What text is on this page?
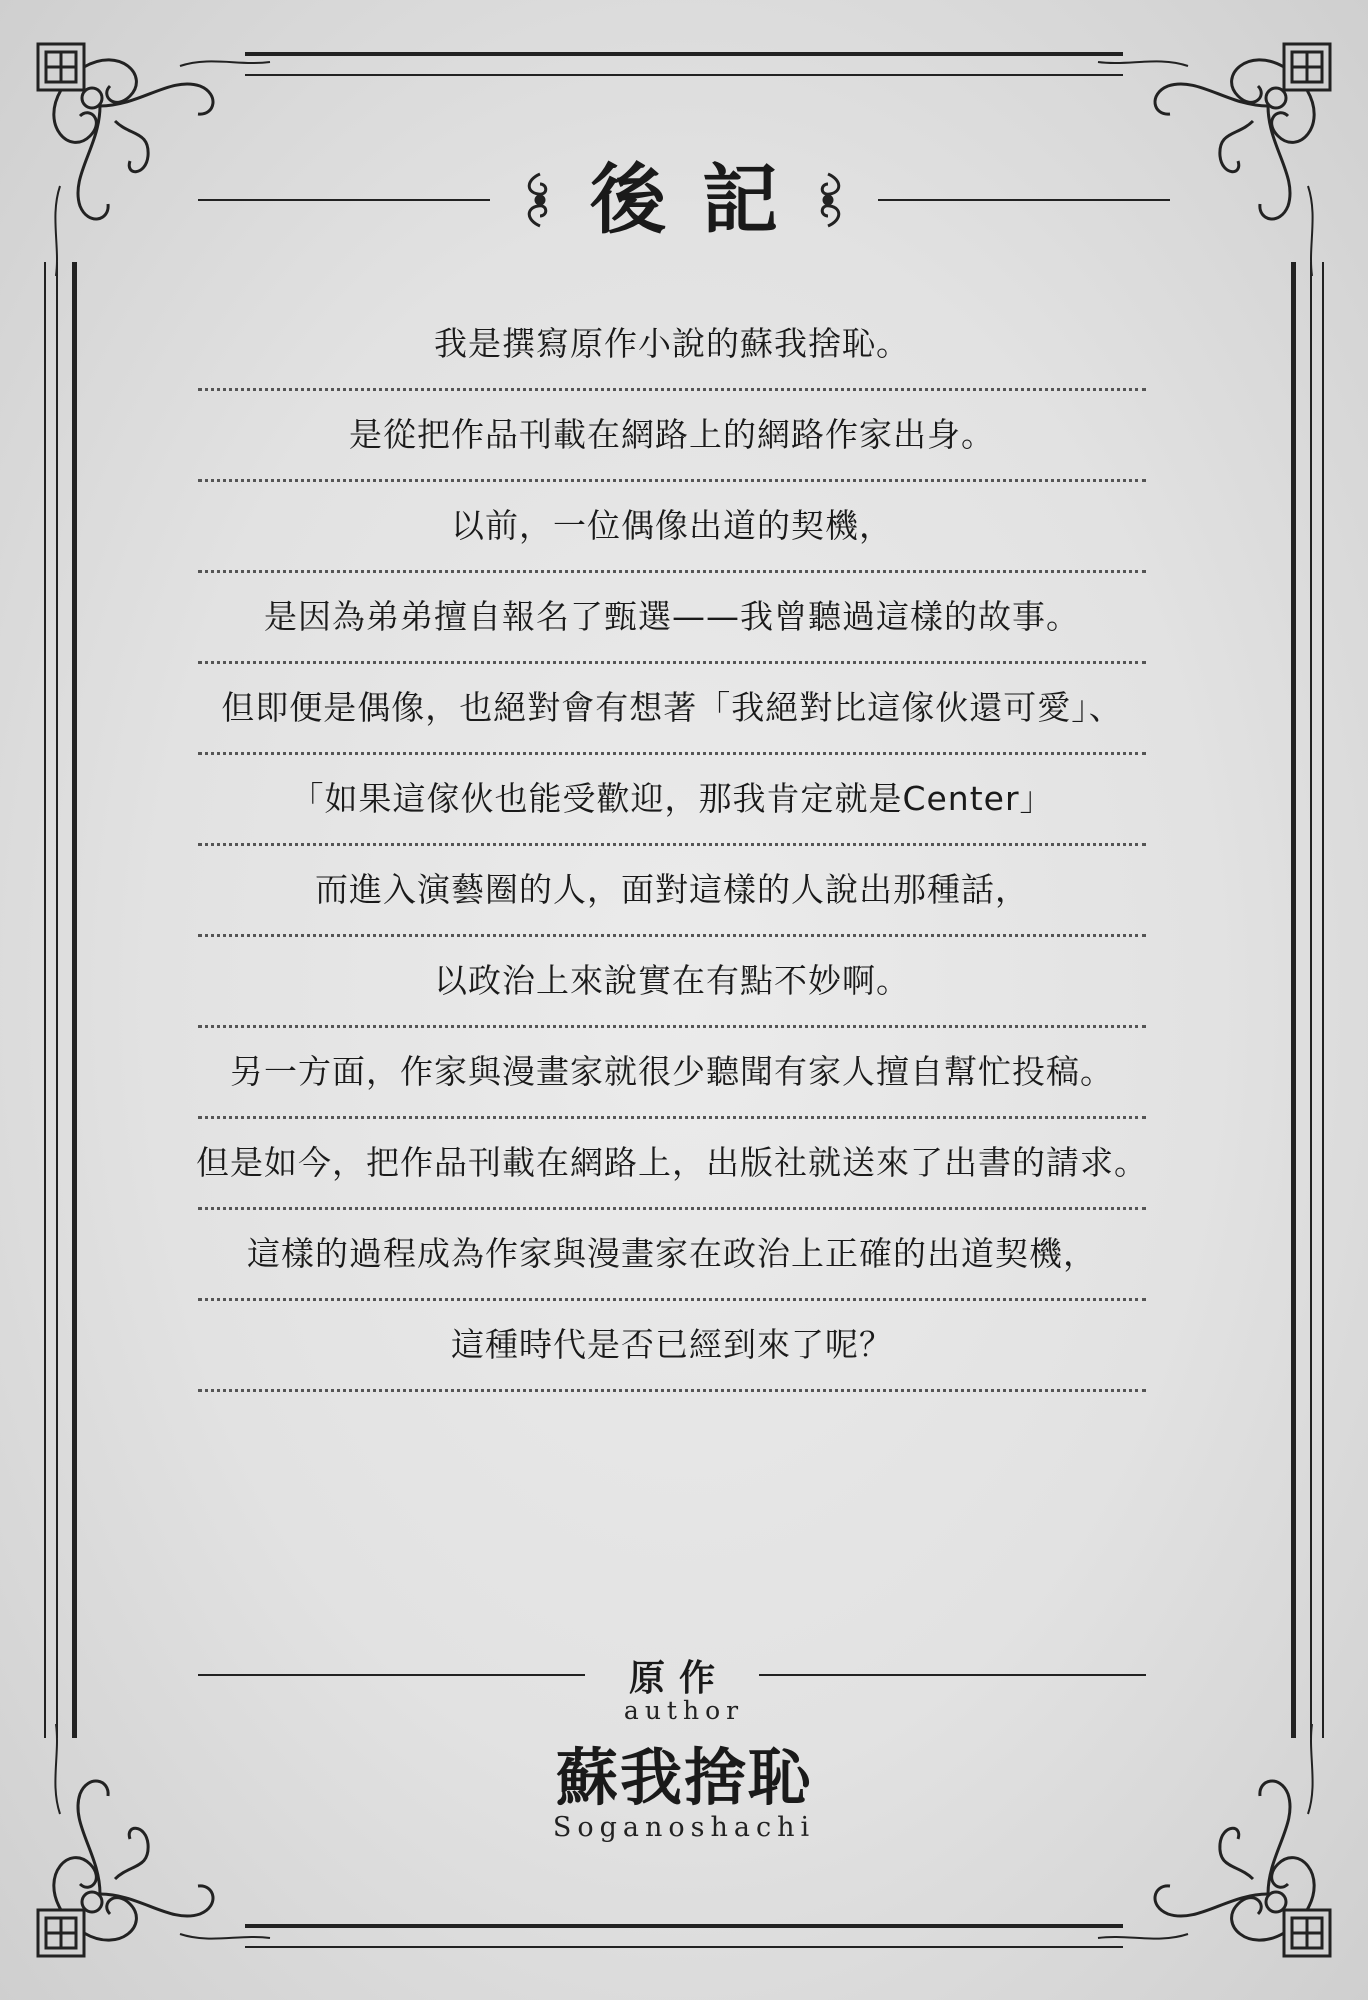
後記
我是撰寫原作小說的蘇我捨恥。
是從把作品刊載在網路上的網路作家出身。
以前，一位偶像出道的契機，
是因為弟弟擅自報名了甄選——我曾聽過這樣的故事。
但即便是偶像，也絕對會有想著「我絕對比這傢伙還可愛」、
「如果這傢伙也能受歡迎，那我肯定就是Center」
而進入演藝圈的人，面對這樣的人說出那種話，
以政治上來說實在有點不妙啊。
另一方面，作家與漫畫家就很少聽聞有家人擅自幫忙投稿。
但是如今，把作品刊載在網路上，出版社就送來了出書的請求。
這樣的過程成為作家與漫畫家在政治上正確的出道契機，
這種時代是否已經到來了呢？
原作
author
蘇我捨恥
Soganoshachi
